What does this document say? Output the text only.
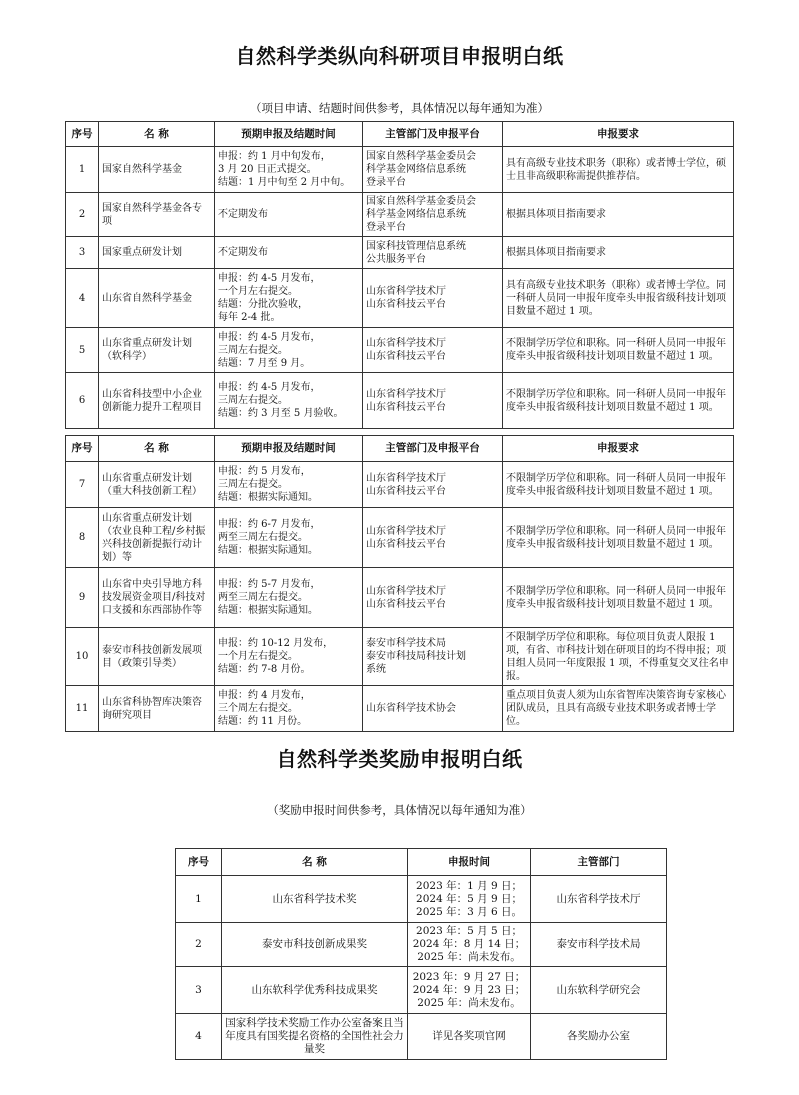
自然科学类纵向科研项目申报明白纸
（项目申请、结题时间供参考，具体情况以每年通知为准）
序号	名 称	预期申报及结题时间	主管部门及申报平台	申报要求
1	国家自然科学基金	申报：约 1 月中旬发布，
3 月 20 日正式提交。
结题：1 月中旬至 2 月中旬。	国家自然科学基金委员会
科学基金网络信息系统
登录平台	具有高级专业技术职务（职称）或者博士学位，硕士且非高级职称需提供推荐信。
2	国家自然科学基金各专项	不定期发布	国家自然科学基金委员会
科学基金网络信息系统
登录平台	根据具体项目指南要求
3	国家重点研发计划	不定期发布	国家科技管理信息系统
公共服务平台	根据具体项目指南要求
4	山东省自然科学基金	申报：约 4-5 月发布，
一个月左右提交。
结题：分批次验收，
每年 2-4 批。	山东省科学技术厅
山东省科技云平台	具有高级专业技术职务（职称）或者博士学位。同一科研人员同一申报年度牵头申报省级科技计划项目数量不超过 1 项。
5	山东省重点研发计划（软科学）	申报：约 4-5 月发布，
三周左右提交。
结题：7 月至 9 月。	山东省科学技术厅
山东省科技云平台	不限制学历学位和职称。同一科研人员同一申报年度牵头申报省级科技计划项目数量不超过 1 项。
6	山东省科技型中小企业创新能力提升工程项目	申报：约 4-5 月发布，
三周左右提交。
结题：约 3 月至 5 月验收。	山东省科学技术厅
山东省科技云平台	不限制学历学位和职称。同一科研人员同一申报年度牵头申报省级科技计划项目数量不超过 1 项。
序号	名 称	预期申报及结题时间	主管部门及申报平台	申报要求
7	山东省重点研发计划（重大科技创新工程）	申报：约 5 月发布，
三周左右提交。
结题：根据实际通知。	山东省科学技术厅
山东省科技云平台	不限制学历学位和职称。同一科研人员同一申报年度牵头申报省级科技计划项目数量不超过 1 项。
8	山东省重点研发计划（农业良种工程/乡村振兴科技创新提振行动计划）等	申报：约 6-7 月发布，
两至三周左右提交。
结题：根据实际通知。	山东省科学技术厅
山东省科技云平台	不限制学历学位和职称。同一科研人员同一申报年度牵头申报省级科技计划项目数量不超过 1 项。
9	山东省中央引导地方科技发展资金项目/科技对口支援和东西部协作等	申报：约 5-7 月发布，
两至三周左右提交。
结题：根据实际通知。	山东省科学技术厅
山东省科技云平台	不限制学历学位和职称。同一科研人员同一申报年度牵头申报省级科技计划项目数量不超过 1 项。
10	泰安市科技创新发展项目（政策引导类）	申报：约 10-12 月发布，
一个月左右提交。
结题：约 7-8 月份。	泰安市科学技术局
泰安市科技局科技计划
系统	不限制学历学位和职称。每位项目负责人限报 1 项，有省、市科技计划在研项目的均不得申报；项目组人员同一年度限报 1 项，不得重复交叉往名申报。
11	山东省科协智库决策咨询研究项目	申报：约 4 月发布，
三个周左右提交。
结题：约 11 月份。	山东省科学技术协会	重点项目负责人须为山东省智库决策咨询专家核心团队成员，且具有高级专业技术职务或者博士学位。
自然科学类奖励申报明白纸
（奖励申报时间供参考，具体情况以每年通知为准）
序号	名 称	申报时间	主管部门
1	山东省科学技术奖	2023 年：1 月 9 日；
2024 年：5 月 9 日；
2025 年：3 月 6 日。	山东省科学技术厅
2	泰安市科技创新成果奖	2023 年：5 月 5 日；
2024 年：8 月 14 日；
2025 年：尚未发布。	泰安市科学技术局
3	山东软科学优秀科技成果奖	2023 年：9 月 27 日；
2024 年：9 月 23 日；
2025 年：尚未发布。	山东软科学研究会
4	国家科学技术奖励工作办公室备案且当年度具有国奖提名资格的全国性社会力量奖	详见各奖项官网	各奖励办公室
